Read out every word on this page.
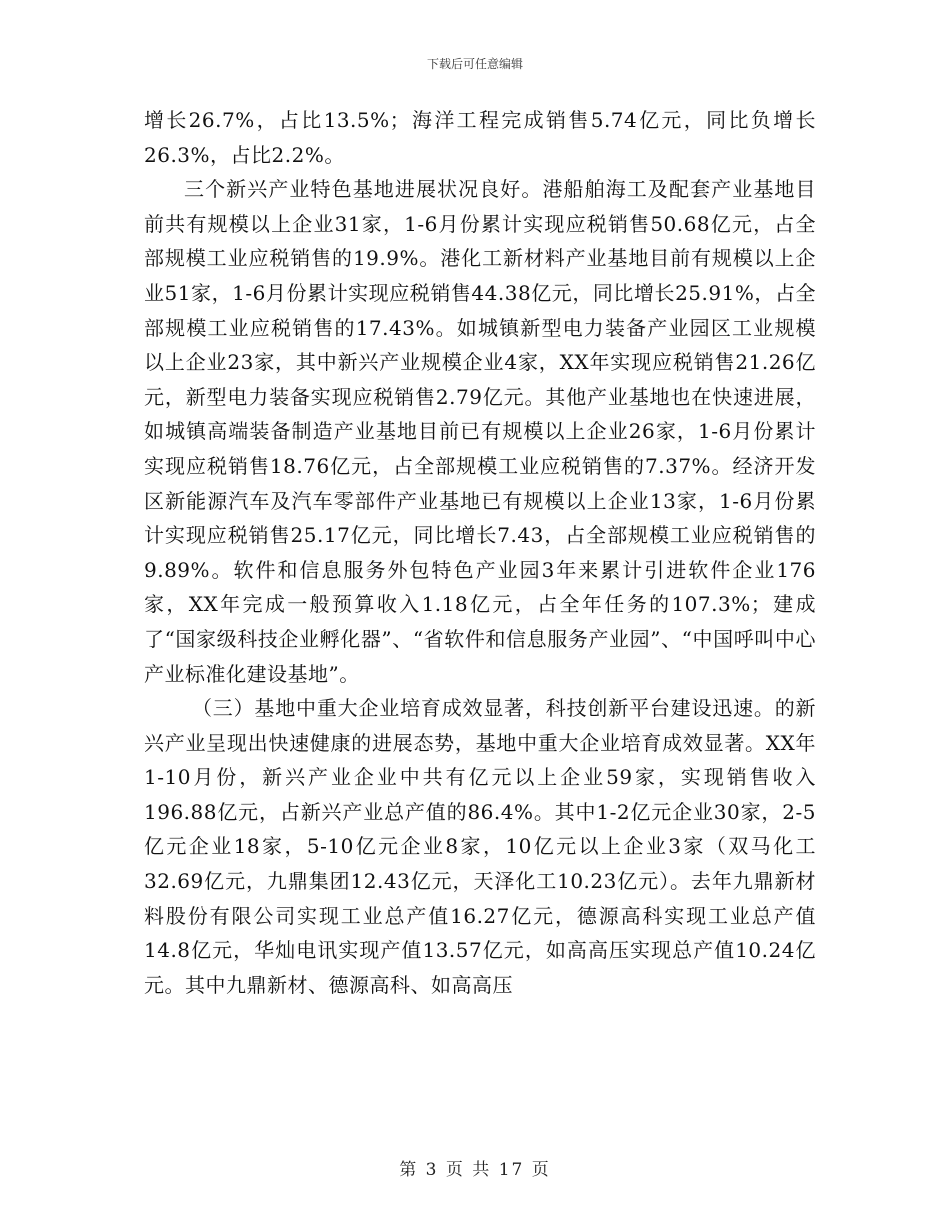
下载后可任意编辑

增长26.7%，占比13.5%；海洋工程完成销售5.74亿元，同比负增长26.3%，占比2.2%。

三个新兴产业特色基地进展状况良好。港船舶海工及配套产业基地目前共有规模以上企业31家，1-6月份累计实现应税销售50.68亿元，占全部规模工业应税销售的19.9%。港化工新材料产业基地目前有规模以上企业51家，1-6月份累计实现应税销售44.38亿元，同比增长25.91%，占全部规模工业应税销售的17.43%。如城镇新型电力装备产业园区工业规模以上企业23家，其中新兴产业规模企业4家，XX年实现应税销售21.26亿元，新型电力装备实现应税销售2.79亿元。其他产业基地也在快速进展，如城镇高端装备制造产业基地目前已有规模以上企业26家，1-6月份累计实现应税销售18.76亿元，占全部规模工业应税销售的7.37%。经济开发区新能源汽车及汽车零部件产业基地已有规模以上企业13家，1-6月份累计实现应税销售25.17亿元，同比增长7.43，占全部规模工业应税销售的9.89%。软件和信息服务外包特色产业园3年来累计引进软件企业176家，XX年完成一般预算收入1.18亿元，占全年任务的107.3%；建成了“国家级科技企业孵化器”、“省软件和信息服务产业园”、“中国呼叫中心产业标准化建设基地”。

（三）基地中重大企业培育成效显著，科技创新平台建设迅速。的新兴产业呈现出快速健康的进展态势，基地中重大企业培育成效显著。XX年1-10月份，新兴产业企业中共有亿元以上企业59家，实现销售收入196.88亿元，占新兴产业总产值的86.4%。其中1-2亿元企业30家，2-5亿元企业18家，5-10亿元企业8家，10亿元以上企业3家（双马化工32.69亿元，九鼎集团12.43亿元，天泽化工10.23亿元）。去年九鼎新材料股份有限公司实现工业总产值16.27亿元，德源高科实现工业总产值14.8亿元，华灿电讯实现产值13.57亿元，如高高压实现总产值10.24亿元。其中九鼎新材、德源高科、如高高压

第 3 页 共 17 页
